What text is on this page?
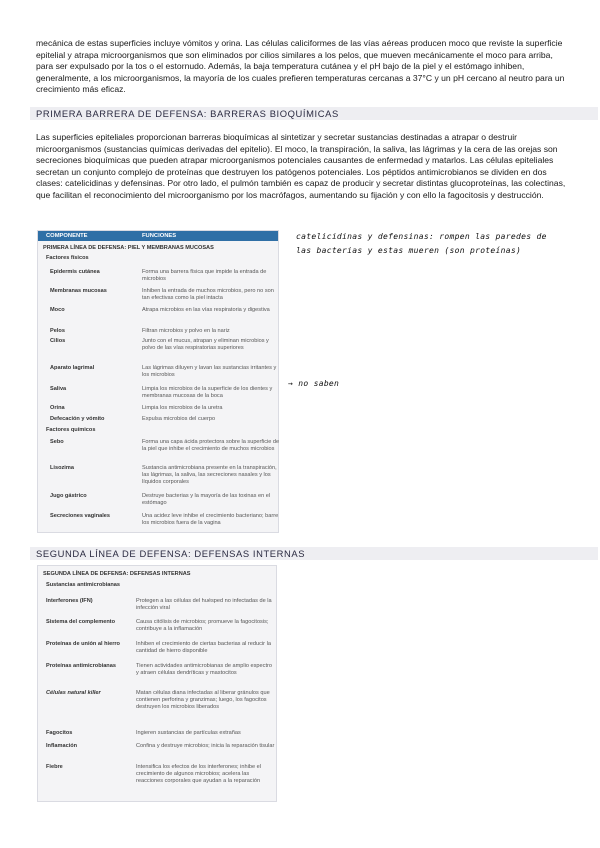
mecánica de estas superficies incluye vómitos y orina. Las células caliciformes de las vías aéreas producen moco que reviste la superficie epitelial y atrapa microorganismos que son eliminados por cilios similares a los pelos, que mueven mecánicamente el moco para arriba, para ser expulsado por la tos o el estornudo. Además, la baja temperatura cutánea y el pH bajo de la piel y el estómago inhiben, generalmente, a los microorganismos, la mayoría de los cuales prefieren temperaturas cercanas a 37°C y un pH cercano al neutro para un crecimiento más eficaz.

PRIMERA BARRERA DE DEFENSA: BARRERAS BIOQUÍMICAS

Las superficies epiteliales proporcionan barreras bioquímicas al sintetizar y secretar sustancias destinadas a atrapar o destruir microorganismos (sustancias químicas derivadas del epitelio). El moco, la transpiración, la saliva, las lágrimas y la cera de las orejas son secreciones bioquímicas que pueden atrapar microorganismos potenciales causantes de enfermedad y matarlos. Las células epiteliales secretan un conjunto complejo de proteínas que destruyen los patógenos potenciales. Los péptidos antimicrobianos se dividen en dos clases: catelicidinas y defensinas. Por otro lado, el pulmón también es capaz de producir y secretar distintas glucoproteínas, las colectinas, que facilitan el reconocimiento del microorganismo por los macrófagos, aumentando su fijación y con ello la fagocitosis y destrucción.

COMPONENTE	FUNCIONES
PRIMERA LÍNEA DE DEFENSA: PIEL Y MEMBRANAS MUCOSAS
Factores físicos
Epidermis cutánea	Forma una barrera física que impide la entrada de microbios
Membranas mucosas	Inhiben la entrada de muchos microbios, pero no son tan efectivas como la piel intacta
Moco	Atrapa microbios en las vías respiratoria y digestiva
Pelos	Filtran microbios y polvo en la nariz
Cilios	Junto con el mucus, atrapan y eliminan microbios y polvo de las vías respiratorias superiores
Aparato lagrimal	Las lágrimas diluyen y lavan las sustancias irritantes y los microbios
Saliva	Limpia los microbios de la superficie de los dientes y membranas mucosas de la boca
Orina	Limpia los microbios de la uretra
Defecación y vómito	Expulsa microbios del cuerpo
Factores químicos
Sebo	Forma una capa ácida protectora sobre la superficie de la piel que inhibe el crecimiento de muchos microbios
Lisozima	Sustancia antimicrobiana presente en la transpiración, las lágrimas, la saliva, las secreciones nasales y los líquidos corporales
Jugo gástrico	Destruye bacterias y la mayoría de las toxinas en el estómago
Secreciones vaginales	Una acidez leve inhibe el crecimiento bacteriano; barre los microbios fuera de la vagina
catelicidinas y defensinas: rompen las paredes de
las bacterias y estas mueren (son proteínas)
→ no saben
SEGUNDA LÍNEA DE DEFENSA: DEFENSAS INTERNAS
SEGUNDA LÍNEA DE DEFENSA: DEFENSAS INTERNAS
Sustancias antimicrobianas
Interferones (IFN)	Protegen a las células del huésped no infectadas de la infección viral
Sistema del complemento	Causa citólisis de microbios; promueve la fagocitosis; contribuye a la inflamación
Proteínas de unión al hierro	Inhiben el crecimiento de ciertas bacterias al reducir la cantidad de hierro disponible
Proteínas antimicrobianas	Tienen actividades antimicrobianas de amplio espectro y atraen células dendríticas y mastocitos
Células natural killer	Matan células diana infectadas al liberar gránulos que contienen perforina y granzimas; luego, los fagocitos destruyen los microbios liberados
Fagocitos	Ingieren sustancias de partículas extrañas
Inflamación	Confina y destruye microbios; inicia la reparación tisular
Fiebre	Intensifica los efectos de los interferones; inhibe el crecimiento de algunos microbios; acelera las reacciones corporales que ayudan a la reparación
